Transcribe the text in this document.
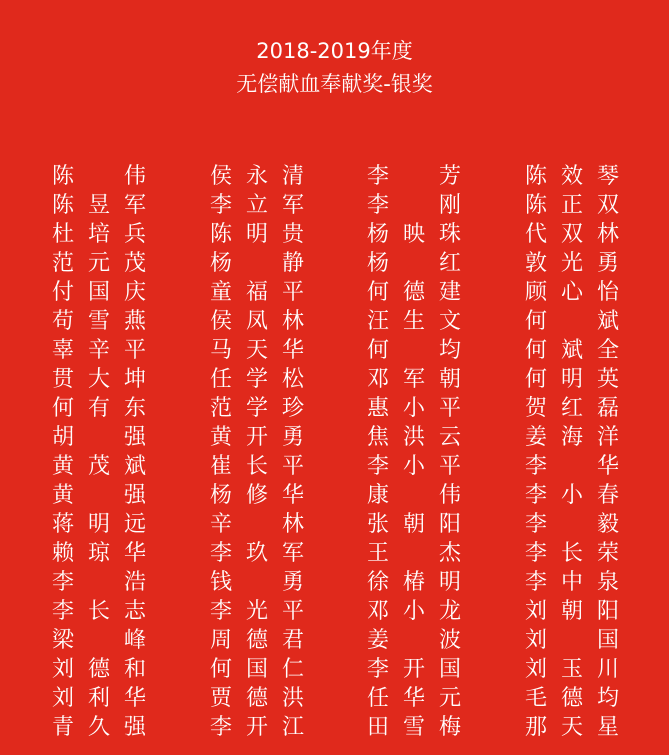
2018-2019年度
无偿献血奉献奖-银奖
陈 伟	侯 永 清	李 芳	陈 效 琴
陈 昱 军	李 立 军	李 刚	陈 正 双
杜 培 兵	陈 明 贵	杨 映 珠	代 双 林
范 元 茂	杨 静	杨 红	敦 光 勇
付 国 庆	童 福 平	何 德 建	顾 心 怡
苟 雪 燕	侯 凤 林	汪 生 文	何 斌
辜 辛 平	马 天 华	何 均	何 斌 全
贯 大 坤	任 学 松	邓 军 朝	何 明 英
何 有 东	范 学 珍	惠 小 平	贺 红 磊
胡 强	黄 开 勇	焦 洪 云	姜 海 洋
黄 茂 斌	崔 长 平	李 小 平	李 华
黄 强	杨 修 华	康 伟	李 小 春
蒋 明 远	辛 林	张 朝 阳	李 毅
赖 琼 华	李 玖 军	王 杰	李 长 荣
李 浩	钱 勇	徐 椿 明	李 中 泉
李 长 志	李 光 平	邓 小 龙	刘 朝 阳
梁 峰	周 德 君	姜 波	刘 国
刘 德 和	何 国 仁	李 开 国	刘 玉 川
刘 利 华	贾 德 洪	任 华 元	毛 德 均
青 久 强	李 开 江	田 雪 梅	那 天 星
